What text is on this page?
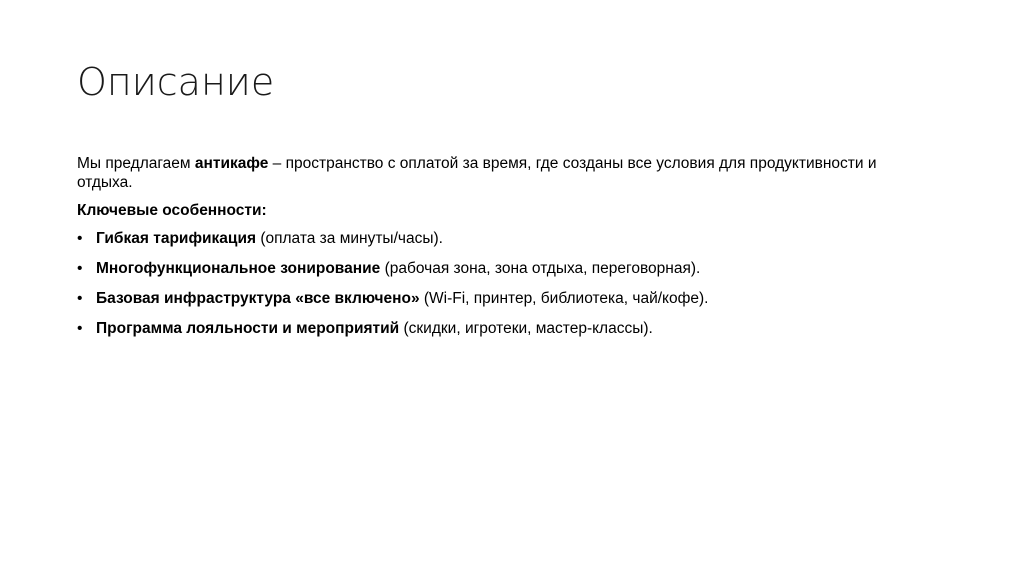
Описание

Мы предлагаем антикафе – пространство с оплатой за время, где созданы все условия для продуктивности и отдыха.

Ключевые особенности:

• Гибкая тарификация (оплата за минуты/часы).
• Многофункциональное зонирование (рабочая зона, зона отдыха, переговорная).
• Базовая инфраструктура «все включено» (Wi-Fi, принтер, библиотека, чай/кофе).
• Программа лояльности и мероприятий (скидки, игротеки, мастер-классы).
